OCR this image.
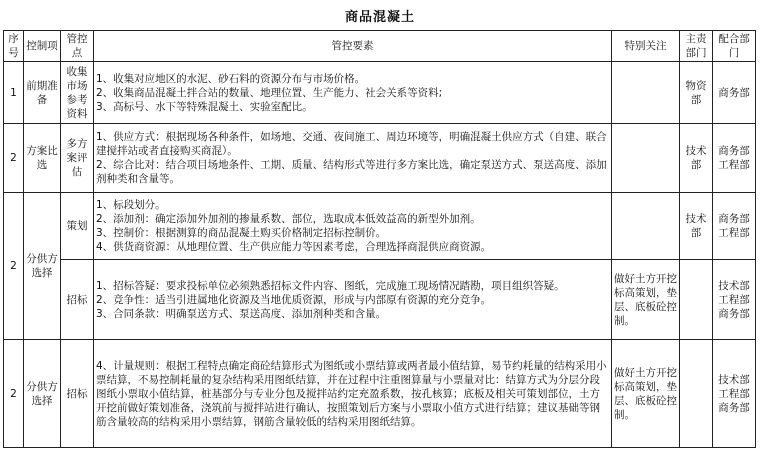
商品混凝土
序号	控制项	管控点	管控要素	特别关注	主责部门	配合部门
1	前期准备	收集市场参考资料	1、收集对应地区的水泥、砂石料的资源分布与市场价格。
2、收集商品混凝土拌合站的数量、地理位置、生产能力、社会关系等资料;
3、高标号、水下等特殊混凝土、实验室配比。		物资部	商务部
2	方案比选	多方案评估	1、供应方式：根据现场各种条件，如场地、交通、夜间施工、周边环境等，明确混凝土供应方式（自建、联合建搅拌站或者直接购买商混）。
2、综合比对：结合项目场地条件、工期、质量、结构形式等进行多方案比选，确定泵送方式、泵送高度、添加剂种类和含量等。		技术部	商务部工程部
2	分供方选择	策划	1、标段划分。
2、添加剂：确定添加外加剂的掺量系数、部位，选取成本低效益高的新型外加剂。
3、控制价：根据测算的商品混凝土购买价格制定招标控制价。
4、供货商资源：从地理位置、生产供应能力等因素考虑，合理选择商混供应商资源。		技术部	商务部工程部
		招标	1、招标答疑：要求投标单位必须熟悉招标文件内容、图纸，完成施工现场情况踏勘，项目组织答疑。
2、竞争性：适当引进属地化资源及当地优质资源，形成与内部原有资源的充分竞争。
3、合同条款：明确泵送方式、泵送高度、添加剂种类和含量。	做好土方开挖标高策划，垫层、底板砼控制。		技术部工程部商务部
2	分供方选择	招标	4、计量规则：根据工程特点确定商砼结算形式为图纸或小票结算或两者最小值结算，易节约耗量的结构采用小票结算，不易控制耗量的复杂结构采用图纸结算，并在过程中注重图算量与小票量对比：结算方式为分层分段图纸小票取小值结算，桩基部分与专业分包及搅拌站约定充盈系数，按孔核算；底板及相关可策划部位，土方开挖前做好策划准备，浇筑前与搅拌站进行确认，按照策划后方案与小票取小值方式进行结算；建议基础等钢筋含量较高的结构采用小票结算，钢筋含量较低的结构采用图纸结算。	做好土方开挖标高策划，垫层、底板砼控制。		技术部工程部商务部
